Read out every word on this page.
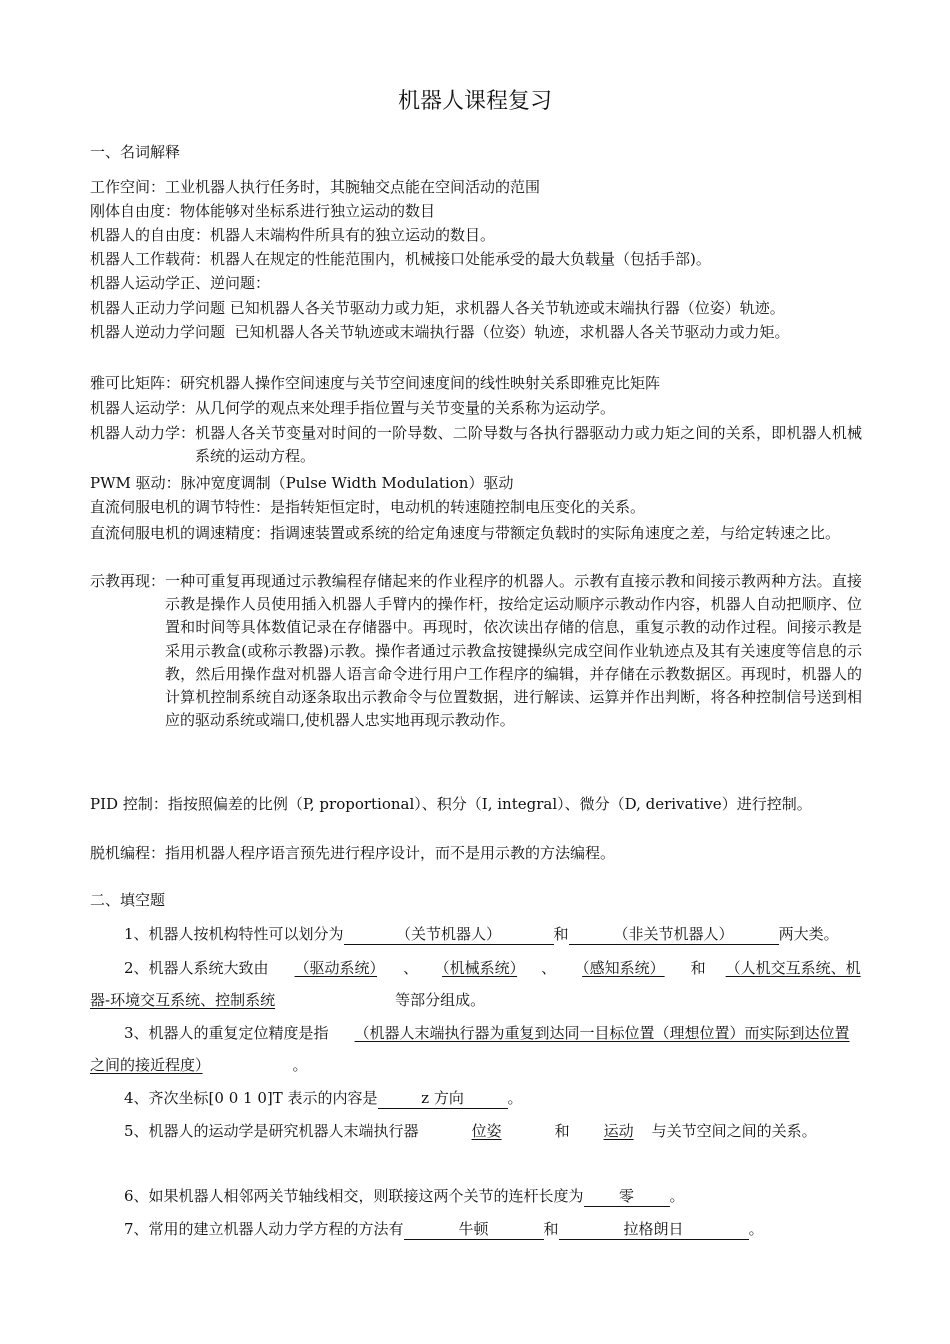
机器人课程复习
一、名词解释
工作空间： 工业机器人执行任务时，其腕轴交点能在空间活动的范围
刚体自由度： 物体能够对坐标系进行独立运动的数目
机器人的自由度： 机器人末端构件所具有的独立运动的数目。
机器人工作载荷： 机器人在规定的性能范围内，机械接口处能承受的最大负载量（包括手部)。
机器人运动学正、逆问题：
机器人正动力学问题 已知机器人各关节驱动力或力矩，求机器人各关节轨迹或末端执行器（位姿）轨迹。
机器人逆动力学问题 已知机器人各关节轨迹或末端执行器（位姿）轨迹，求机器人各关节驱动力或力矩。
雅可比矩阵： 研究机器人操作空间速度与关节空间速度间的线性映射关系即雅克比矩阵
机器人运动学： 从几何学的观点来处理手指位置与关节变量的关系称为运动学。
机器人动力学： 机器人各关节变量对时间的一阶导数、二阶导数与各执行器驱动力或力矩之间的关系，即机器人机械系统的运动方程。
PWM 驱动： 脉冲宽度调制（Pulse Width Modulation）驱动
直流伺服电机的调节特性： 是指转矩恒定时，电动机的转速随控制电压变化的关系。
直流伺服电机的调速精度： 指调速装置或系统的给定角速度与带额定负载时的实际角速度之差，与给定转速之比。
示教再现： 一种可重复再现通过示教编程存储起来的作业程序的机器人。示教有直接示教和间接示教两种方法。直接示教是操作人员使用插入机器人手臂内的操作杆，按给定运动顺序示教动作内容，机器人自动把顺序、位置和时间等具体数值记录在存储器中。再现时，依次读出存储的信息，重复示教的动作过程。间接示教是采用示教盒(或称示教器)示教。操作者通过示教盒按键操纵完成空间作业轨迹点及其有关速度等信息的示教，然后用操作盘对机器人语言命令进行用户工作程序的编辑，并存储在示教数据区。再现时，机器人的计算机控制系统自动逐条取出示教命令与位置数据，进行解读、运算并作出判断，将各种控制信号送到相应的驱动系统或端口,使机器人忠实地再现示教动作。
PID 控制： 指按照偏差的比例（P, proportional）、积分（I, integral）、微分（D, derivative）进行控制。
脱机编程： 指用机器人程序语言预先进行程序设计，而不是用示教的方法编程。
二、填空题
1、机器人按机构特性可以划分为	（关节机器人）	和	（非关节机器人）	两大类。
2、机器人系统大致由 （驱动系统） 、 （机械系统） 、 （感知系统） 和 （人机交互系统、机器-环境交互系统、控制系统	等部分组成。
3、机器人的重复定位精度是指 （机器人末端执行器为重复到达同一目标位置（理想位置）而实际到达位置之间的接近程度）	。
4、齐次坐标[0 0 1 0]T 表示的内容是	z 方向	。
5、机器人的运动学是研究机器人末端执行器	位姿	和 运动 与关节空间之间的关系。
6、如果机器人相邻两关节轴线相交，则联接这两个关节的连杆长度为 零 。
7、常用的建立机器人动力学方程的方法有	牛顿	和	拉格朗日	。
